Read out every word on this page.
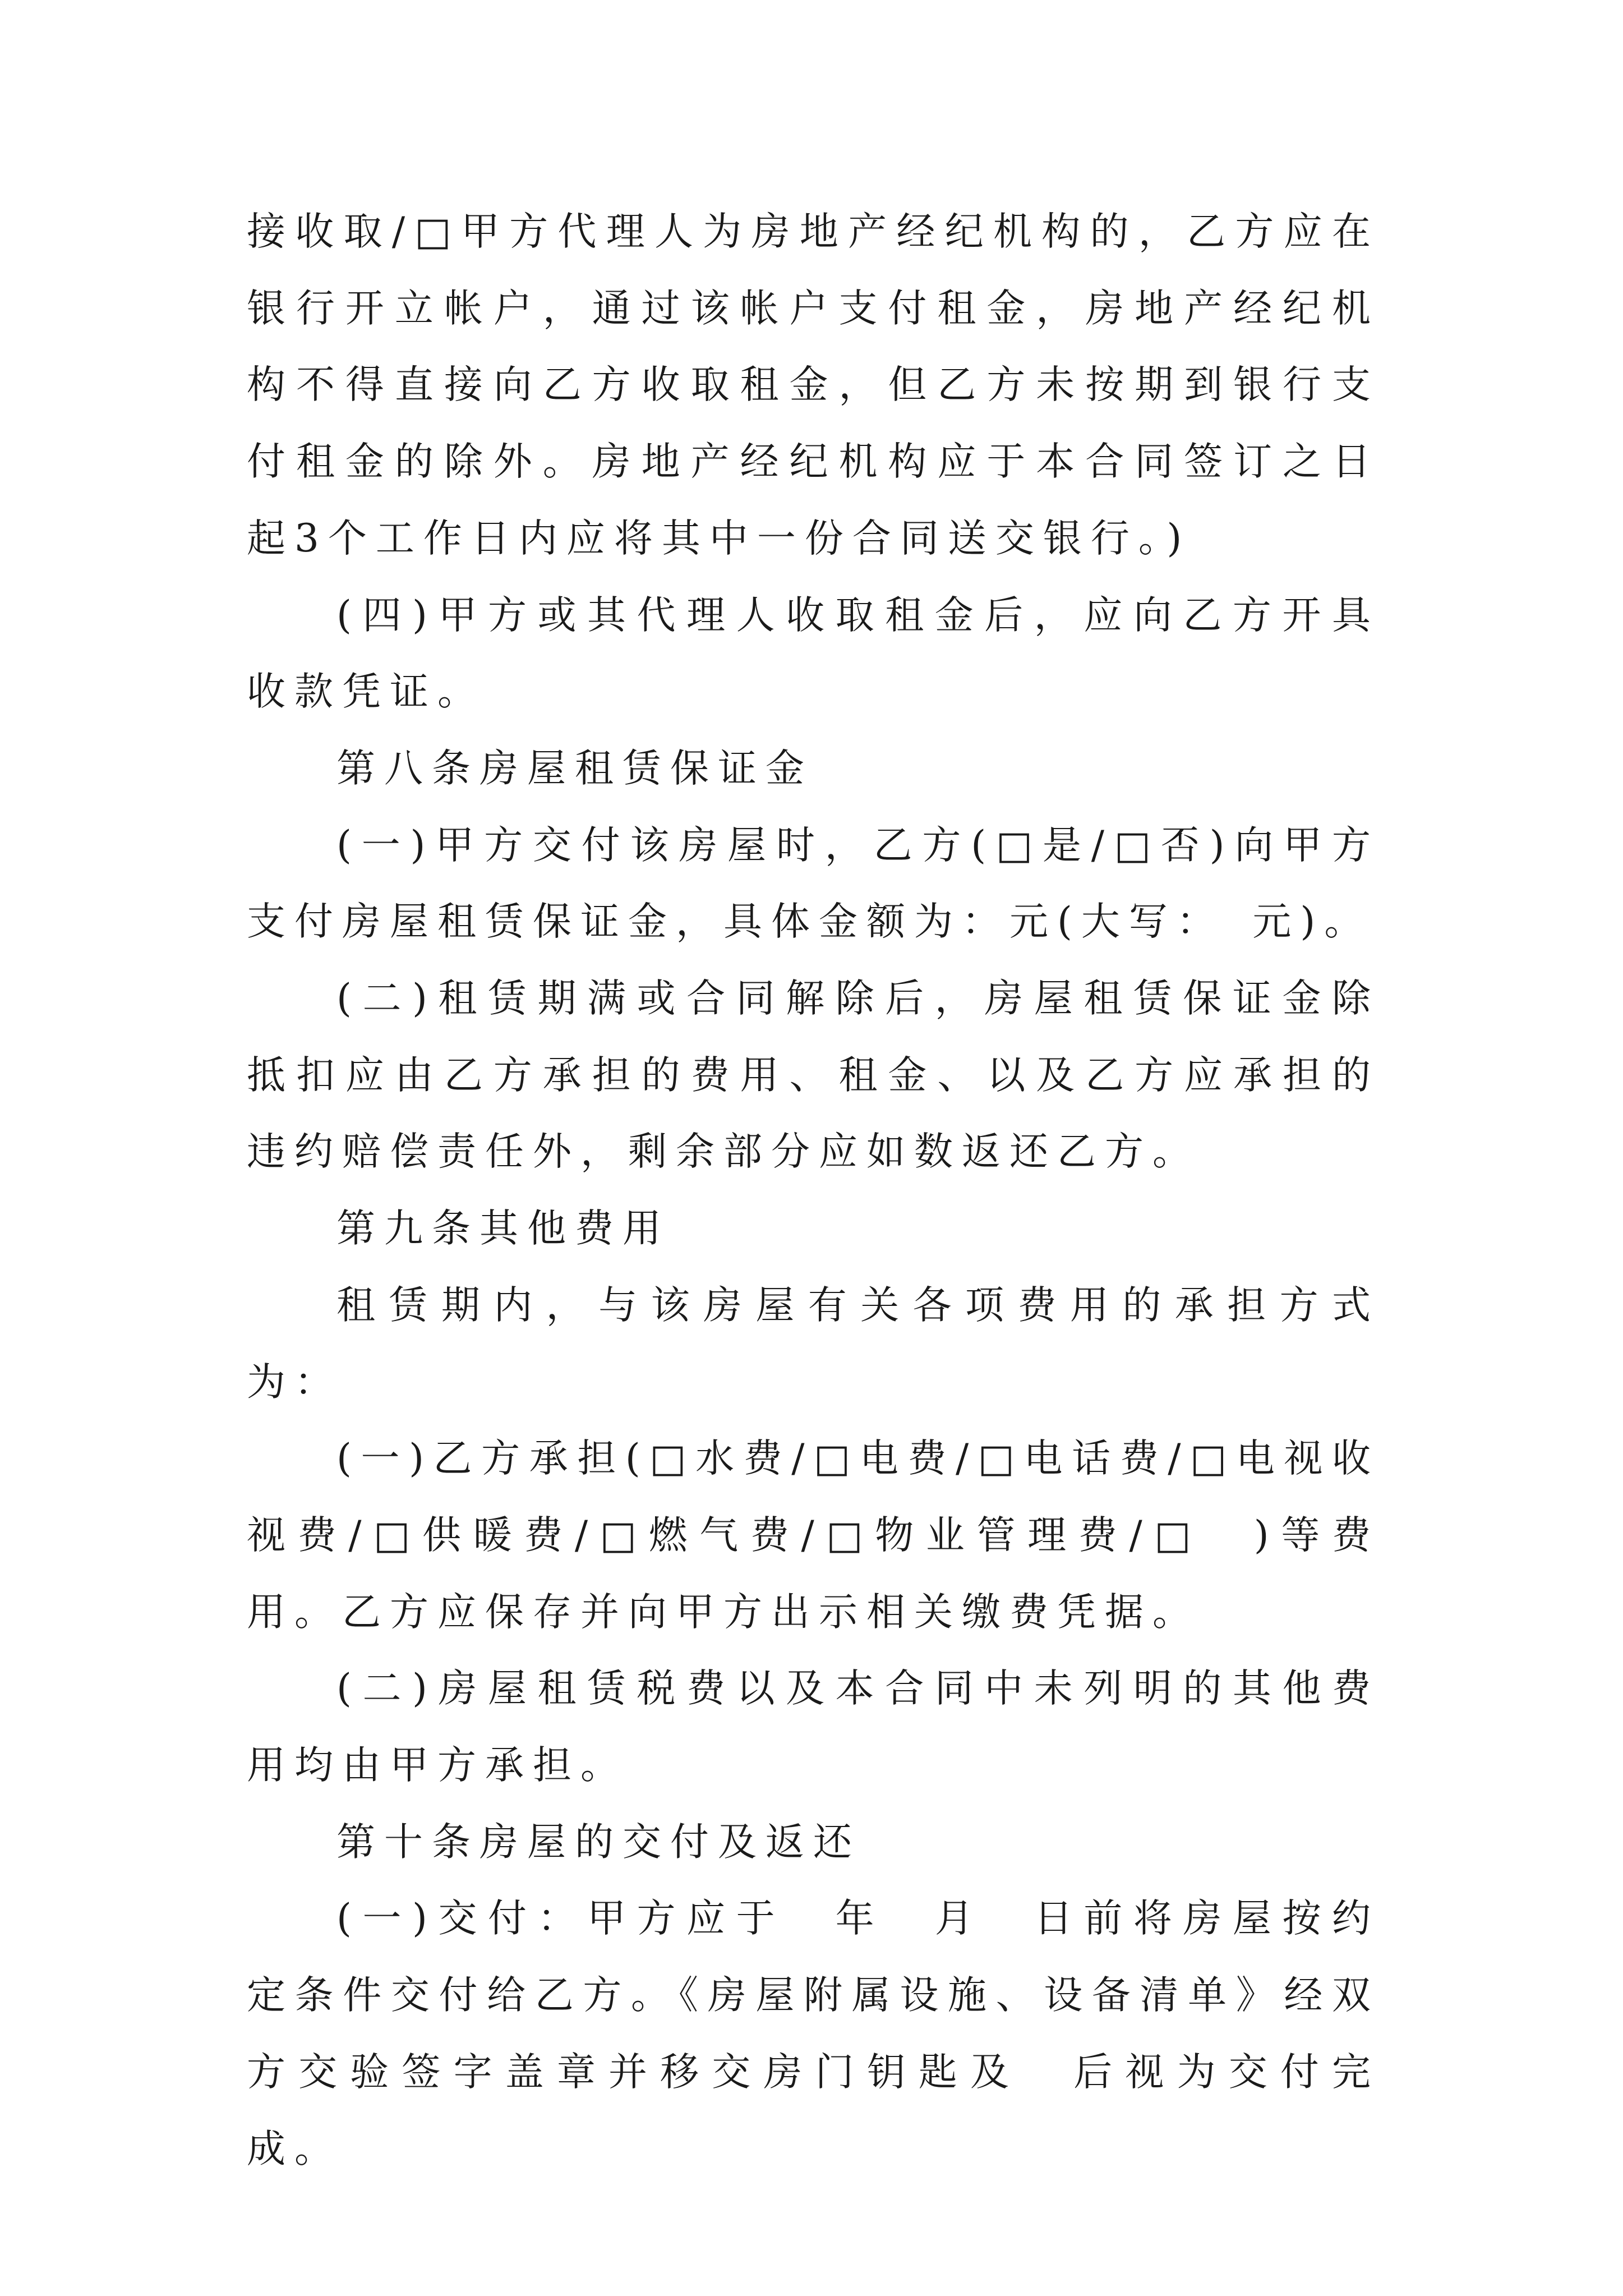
接收取/□甲方代理人为房地产经纪机构的，乙方应在银行开立帐户，通过该帐户支付租金，房地产经纪机构不得直接向乙方收取租金，但乙方未按期到银行支付租金的除外。房地产经纪机构应于本合同签订之日起3个工作日内应将其中一份合同送交银行。)

(四)甲方或其代理人收取租金后，应向乙方开具收款凭证。

第八条房屋租赁保证金

(一)甲方交付该房屋时，乙方(□是/□否)向甲方支付房屋租赁保证金，具体金额为：元(大写：　元)。

(二)租赁期满或合同解除后，房屋租赁保证金除抵扣应由乙方承担的费用、租金、以及乙方应承担的违约赔偿责任外，剩余部分应如数返还乙方。

第九条其他费用

租赁期内，与该房屋有关各项费用的承担方式为：

(一)乙方承担(□水费/□电费/□电话费/□电视收视费/□供暖费/□燃气费/□物业管理费/□　)等费用。乙方应保存并向甲方出示相关缴费凭据。

(二)房屋租赁税费以及本合同中未列明的其他费用均由甲方承担。

第十条房屋的交付及返还

(一)交付：甲方应于　年　月　日前将房屋按约定条件交付给乙方。《房屋附属设施、设备清单》经双方交验签字盖章并移交房门钥匙及　后视为交付完成。
